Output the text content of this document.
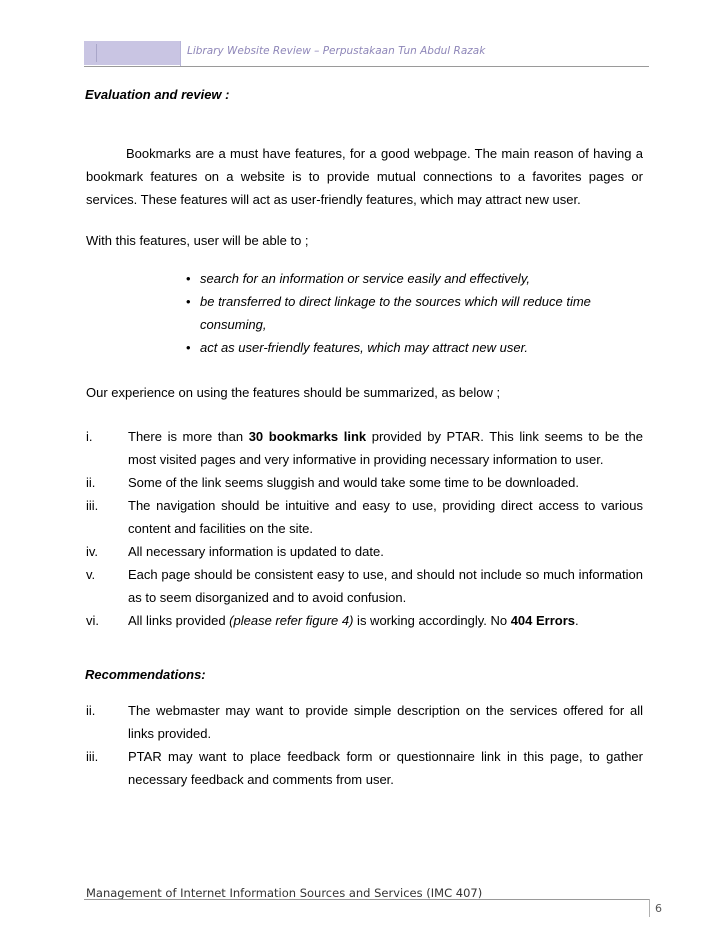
Library Website Review – Perpustakaan Tun Abdul Razak
Evaluation and review :
Bookmarks are a must have features, for a good webpage. The main reason of having a bookmark features on a website is to provide mutual connections to a favorites pages or services. These features will act as user-friendly features, which may attract new user.
With this features, user will be able to ;
• search for an information or service easily and effectively,
• be transferred to direct linkage to the sources which will reduce time consuming,
• act as user-friendly features, which may attract new user.
Our experience on using the features should be summarized, as below ;
i.	There is more than 30 bookmarks link provided by PTAR. This link seems to be the most visited pages and very informative in providing necessary information to user.
ii.	Some of the link seems sluggish and would take some time to be downloaded.
iii.	The navigation should be intuitive and easy to use, providing direct access to various content and facilities on the site.
iv.	All necessary information is updated to date.
v.	Each page should be consistent easy to use, and should not include so much information as to seem disorganized and to avoid confusion.
vi.	All links provided (please refer figure 4) is working accordingly. No 404 Errors.
Recommendations:
ii.	The webmaster may want to provide simple description on the services offered for all links provided.
iii.	PTAR may want to place feedback form or questionnaire link in this page, to gather necessary feedback and comments from user.
Management of Internet Information Sources and Services (IMC 407)
6
